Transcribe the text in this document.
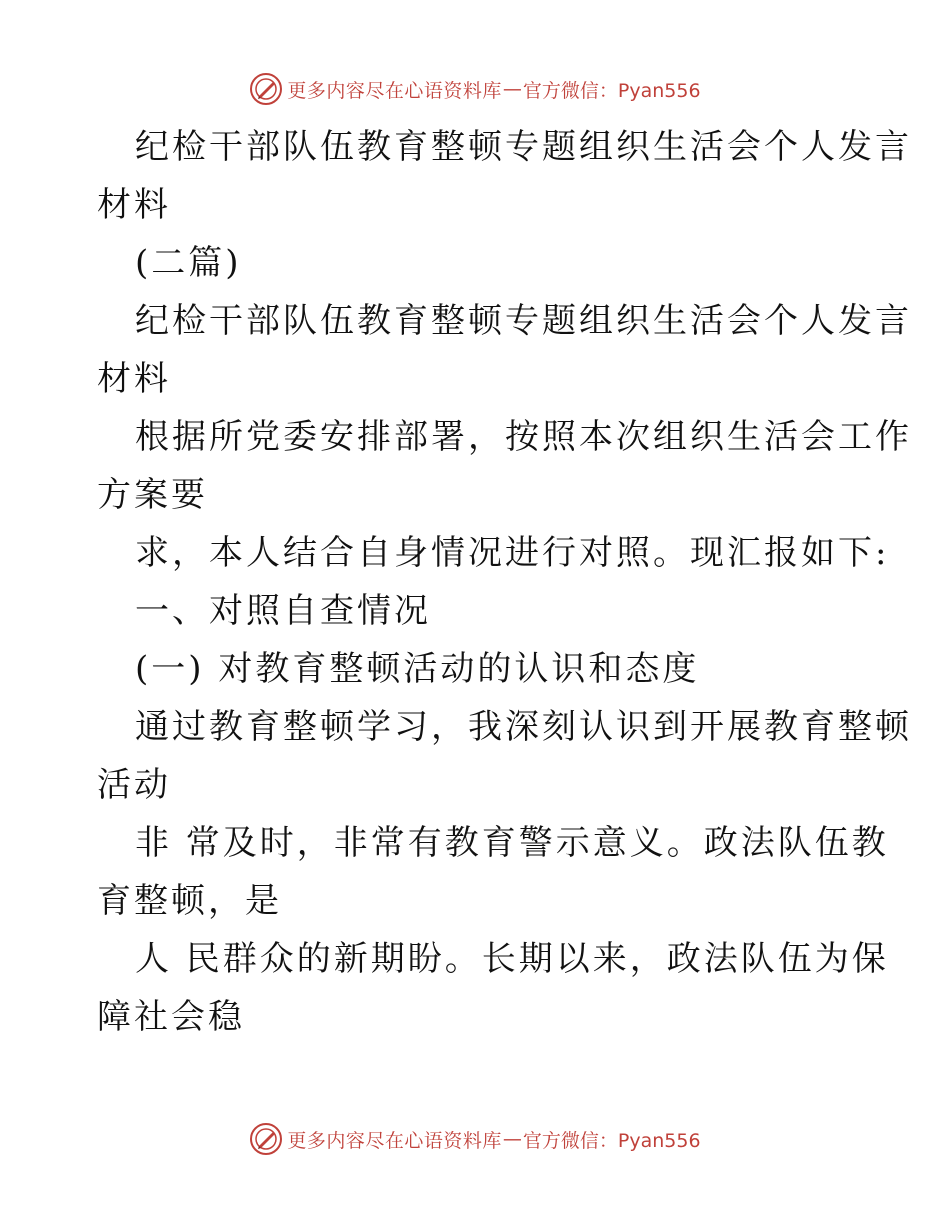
更多内容尽在心语资料库 — 官方微信：Pyan556
纪检干部队伍教育整顿专题组织生活会个人发言
材料
(二篇)
纪检干部队伍教育整顿专题组织生活会个人发言
材料
根据所党委安排部署，按照本次组织生活会工作
方案要
求，本人结合自身情况进行对照。现汇报如下:
一、对照自查情况
(一) 对教育整顿活动的认识和态度
通过教育整顿学习，我深刻认识到开展教育整顿
活动
非 常及时，非常有教育警示意义。政法队伍教
育整顿，是
人 民群众的新期盼。长期以来，政法队伍为保
障社会稳
更多内容尽在心语资料库 — 官方微信：Pyan556
